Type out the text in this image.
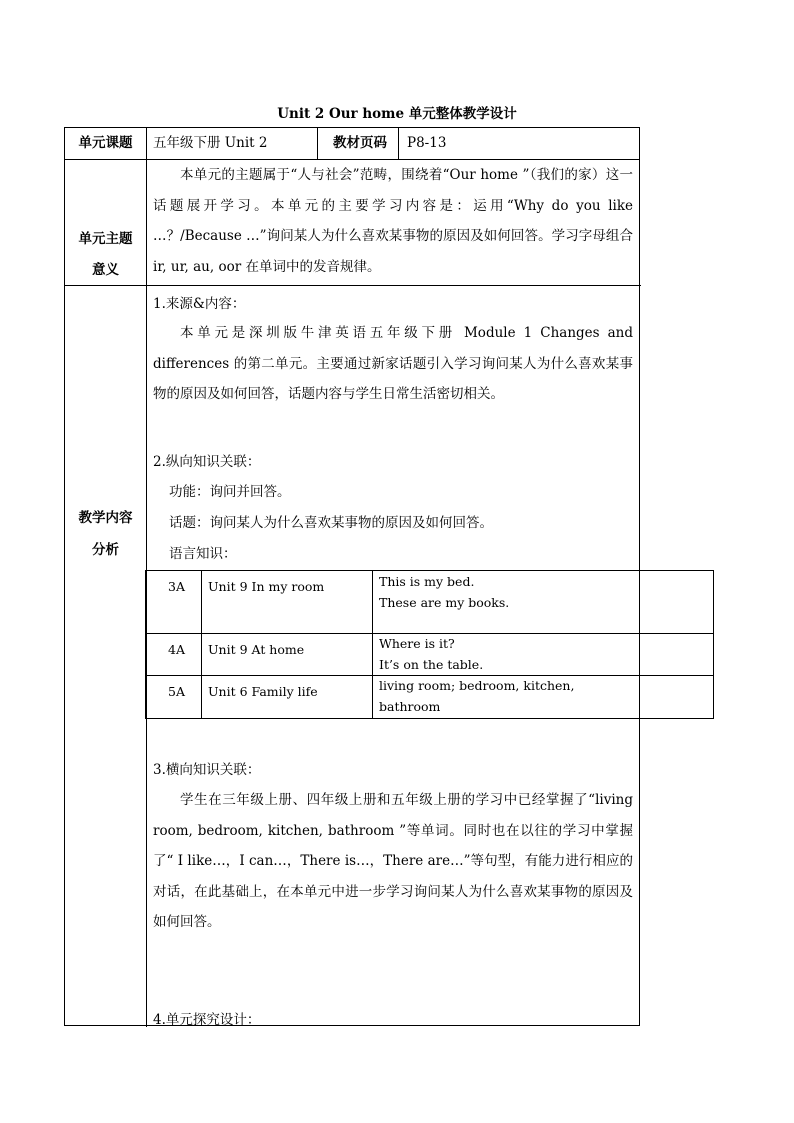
Unit 2 Our home 单元整体教学设计
单元课题	五年级下册 Unit 2	教材页码	P8-13
单元主题
意义
本单元的主题属于“人与社会”范畴，围绕着“Our home ”（我们的家）这一话题展开学习。本单元的主要学习内容是：运用“Why do you like …？/Because …”询问某人为什么喜欢某事物的原因及如何回答。学习字母组合 ir, ur, au, oor 在单词中的发音规律。
教学内容
分析
1.来源&内容：
本单元是深圳版牛津英语五年级下册 Module 1 Changes and differences 的第二单元。主要通过新家话题引入学习询问某人为什么喜欢某事物的原因及如何回答，话题内容与学生日常生活密切相关。
2.纵向知识关联：
功能：询问并回答。
话题：询问某人为什么喜欢某事物的原因及如何回答。
语言知识：
3.横向知识关联：
学生在三年级上册、四年级上册和五年级上册的学习中已经掌握了“living room, bedroom, kitchen, bathroom ”等单词。同时也在以往的学习中掌握了“ I like…，I can…，There is…，There are…”等句型，有能力进行相应的对话，在此基础上，在本单元中进一步学习询问某人为什么喜欢某事物的原因及如何回答。
4.单元探究设计：
3A Unit 9 In my room	This is my bed.
These are my books.
4A Unit 9 At home	Where is it?
It’s on the table.
5A Unit 6 Family life	living room; bedroom, kitchen,
bathroom
